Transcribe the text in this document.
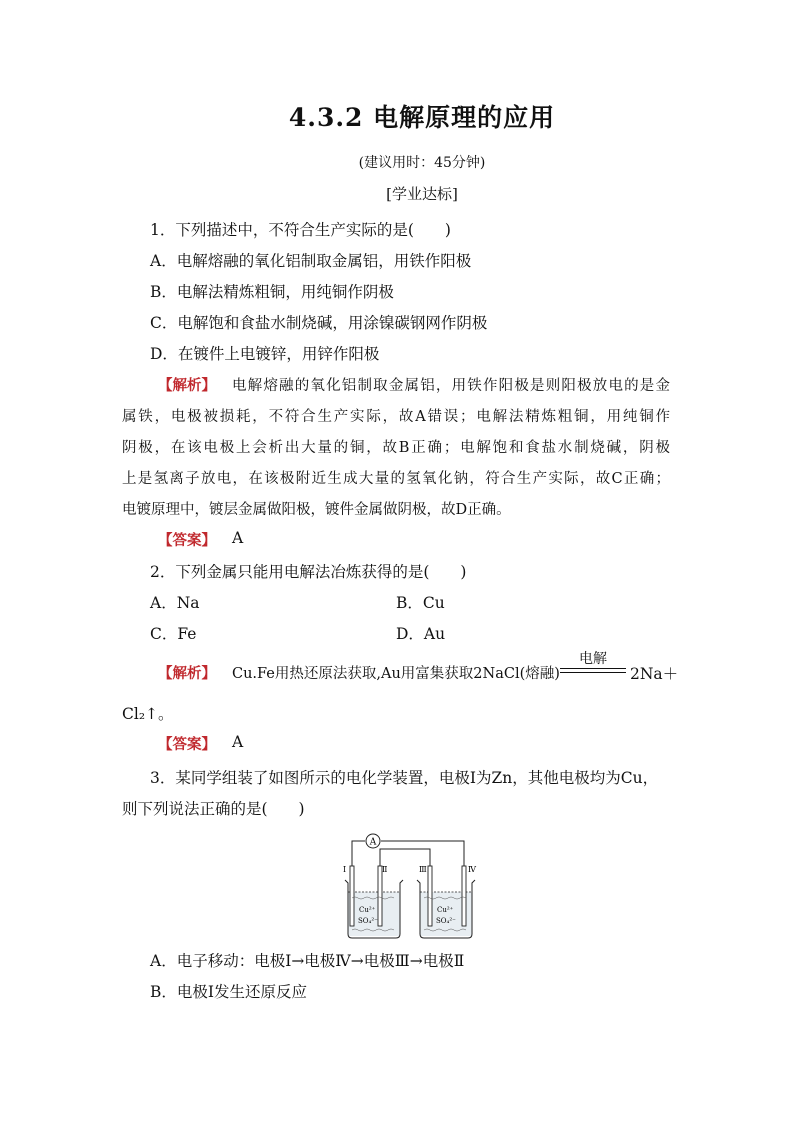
4.3.2 电解原理的应用
(建议用时：45分钟)
[学业达标]
1．下列描述中，不符合生产实际的是(　　)
A．电解熔融的氧化铝制取金属铝，用铁作阳极
B．电解法精炼粗铜，用纯铜作阴极
C．电解饱和食盐水制烧碱，用涂镍碳钢网作阴极
D．在镀件上电镀锌，用锌作阳极
【解析】 电解熔融的氧化铝制取金属铝，用铁作阳极是则阳极放电的是金
属铁，电极被损耗，不符合生产实际，故A错误；电解法精炼粗铜，用纯铜作
阴极，在该电极上会析出大量的铜，故B正确；电解饱和食盐水制烧碱，阴极
上是氢离子放电，在该极附近生成大量的氢氧化钠，符合生产实际，故C正确；
电镀原理中，镀层金属做阳极，镀件金属做阴极，故D正确。
【答案】 A
2．下列金属只能用电解法冶炼获得的是(　　)
A．Na	B．Cu
C．Fe	D．Au
【解析】 Cu.Fe用热还原法获取,Au用富集获取2NaCl(熔融)
电解
2Na＋
Cl₂↑。
【答案】 A
3．某同学组装了如图所示的电化学装置，电极Ⅰ为Zn，其他电极均为Cu，
则下列说法正确的是(　　)
A
Ⅰ	Ⅱ	Ⅲ	Ⅳ
Cu²⁺
SO₄²⁻
Cu²⁺
SO₄²⁻
A．电子移动：电极Ⅰ→电极Ⅳ→电极Ⅲ→电极Ⅱ
B．电极Ⅰ发生还原反应
